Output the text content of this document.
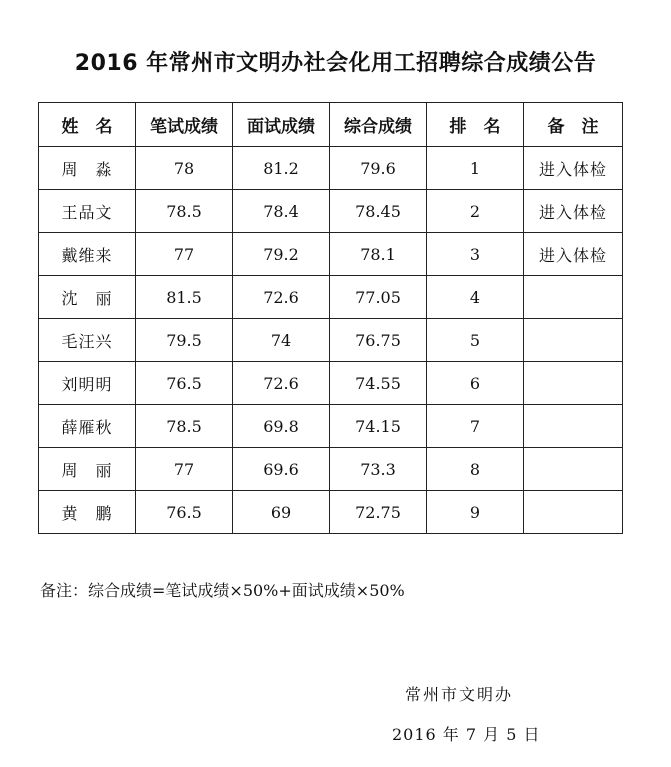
2016 年常州市文明办社会化用工招聘综合成绩公告
姓　名	笔试成绩	面试成绩	综合成绩	排　名	备　注
周　淼	78	81.2	79.6	1	进入体检
王品文	78.5	78.4	78.45	2	进入体检
戴维来	77	79.2	78.1	3	进入体检
沈　丽	81.5	72.6	77.05	4	
毛汪兴	79.5	74	76.75	5	
刘明明	76.5	72.6	74.55	6	
薛雁秋	78.5	69.8	74.15	7	
周　丽	77	69.6	73.3	8	
黄　鹏	76.5	69	72.75	9	
备注：综合成绩=笔试成绩×50%+面试成绩×50%
常州市文明办
2016 年 7 月 5 日
